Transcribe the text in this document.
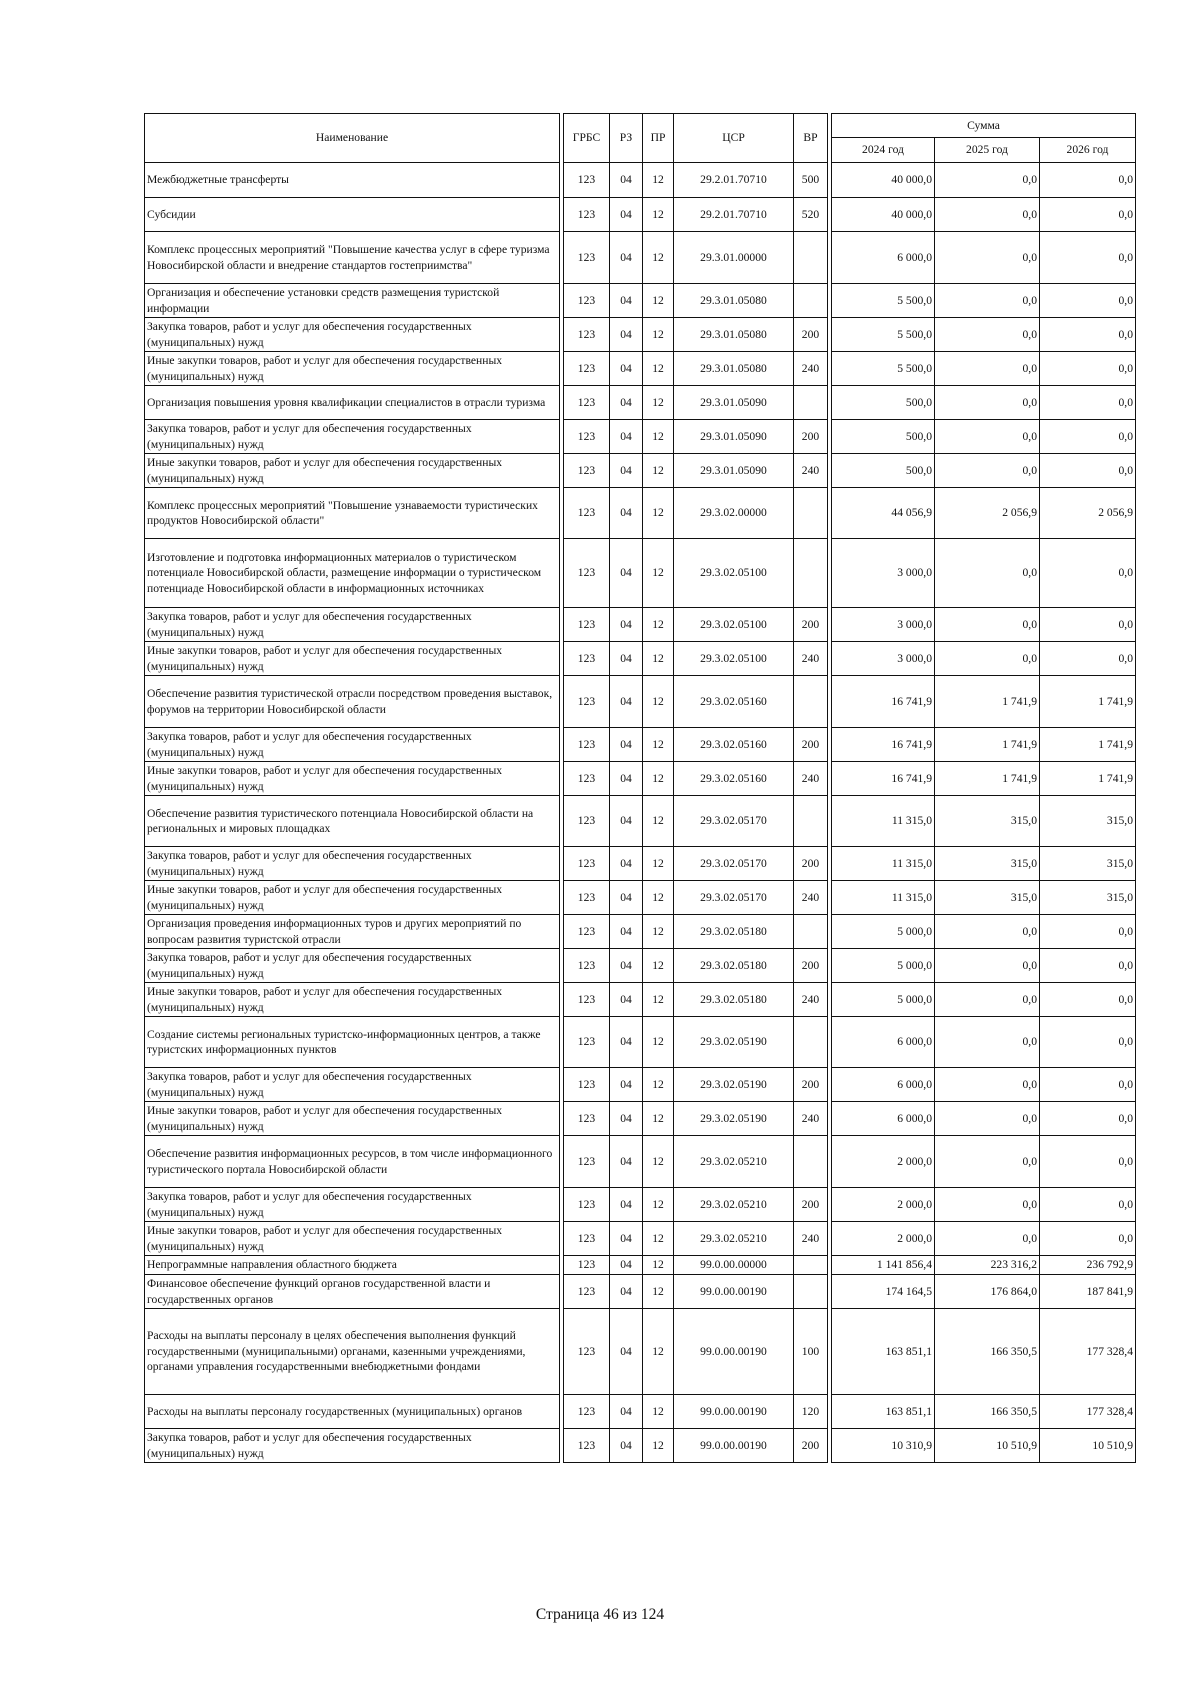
Наименование		ГРБС	РЗ	ПР	ЦСР	ВР		Сумма		
								2024 год	2025 год	2026 год
Межбюджетные трансферты		123	04	12	29.2.01.70710	500		40 000,0	0,0	0,0
Субсидии		123	04	12	29.2.01.70710	520		40 000,0	0,0	0,0
Комплекс процессных мероприятий "Повышение качества услуг в сфере туризма Новосибирской области и внедрение стандартов гостеприимства"		123	04	12	29.3.01.00000			6 000,0	0,0	0,0
Организация и обеспечение установки средств размещения туристской информации		123	04	12	29.3.01.05080			5 500,0	0,0	0,0
Закупка товаров, работ и услуг для обеспечения государственных (муниципальных) нужд		123	04	12	29.3.01.05080	200		5 500,0	0,0	0,0
Иные закупки товаров, работ и услуг для обеспечения государственных (муниципальных) нужд		123	04	12	29.3.01.05080	240		5 500,0	0,0	0,0
Организация повышения уровня квалификации специалистов в отрасли туризма		123	04	12	29.3.01.05090			500,0	0,0	0,0
Закупка товаров, работ и услуг для обеспечения государственных (муниципальных) нужд		123	04	12	29.3.01.05090	200		500,0	0,0	0,0
Иные закупки товаров, работ и услуг для обеспечения государственных (муниципальных) нужд		123	04	12	29.3.01.05090	240		500,0	0,0	0,0
Комплекс процессных мероприятий "Повышение узнаваемости туристических продуктов Новосибирской области"		123	04	12	29.3.02.00000			44 056,9	2 056,9	2 056,9
Изготовление и подготовка информационных материалов о туристическом потенциале Новосибирской области, размещение информации о туристическом потенциаде Новосибирской области в информационных источниках		123	04	12	29.3.02.05100			3 000,0	0,0	0,0
Закупка товаров, работ и услуг для обеспечения государственных (муниципальных) нужд		123	04	12	29.3.02.05100	200		3 000,0	0,0	0,0
Иные закупки товаров, работ и услуг для обеспечения государственных (муниципальных) нужд		123	04	12	29.3.02.05100	240		3 000,0	0,0	0,0
Обеспечение развития туристической отрасли посредством проведения выставок, форумов на территории Новосибирской области		123	04	12	29.3.02.05160			16 741,9	1 741,9	1 741,9
Закупка товаров, работ и услуг для обеспечения государственных (муниципальных) нужд		123	04	12	29.3.02.05160	200		16 741,9	1 741,9	1 741,9
Иные закупки товаров, работ и услуг для обеспечения государственных (муниципальных) нужд		123	04	12	29.3.02.05160	240		16 741,9	1 741,9	1 741,9
Обеспечение развития туристического потенциала Новосибирской области на региональных и мировых площадках		123	04	12	29.3.02.05170			11 315,0	315,0	315,0
Закупка товаров, работ и услуг для обеспечения государственных (муниципальных) нужд		123	04	12	29.3.02.05170	200		11 315,0	315,0	315,0
Иные закупки товаров, работ и услуг для обеспечения государственных (муниципальных) нужд		123	04	12	29.3.02.05170	240		11 315,0	315,0	315,0
Организация проведения информационных туров и других мероприятий по вопросам развития туристской отрасли		123	04	12	29.3.02.05180			5 000,0	0,0	0,0
Закупка товаров, работ и услуг для обеспечения государственных (муниципальных) нужд		123	04	12	29.3.02.05180	200		5 000,0	0,0	0,0
Иные закупки товаров, работ и услуг для обеспечения государственных (муниципальных) нужд		123	04	12	29.3.02.05180	240		5 000,0	0,0	0,0
Создание системы региональных туристско-информационных центров, а также туристских информационных пунктов		123	04	12	29.3.02.05190			6 000,0	0,0	0,0
Закупка товаров, работ и услуг для обеспечения государственных (муниципальных) нужд		123	04	12	29.3.02.05190	200		6 000,0	0,0	0,0
Иные закупки товаров, работ и услуг для обеспечения государственных (муниципальных) нужд		123	04	12	29.3.02.05190	240		6 000,0	0,0	0,0
Обеспечение развития информационных ресурсов, в том числе информационного туристического портала Новосибирской области		123	04	12	29.3.02.05210			2 000,0	0,0	0,0
Закупка товаров, работ и услуг для обеспечения государственных (муниципальных) нужд		123	04	12	29.3.02.05210	200		2 000,0	0,0	0,0
Иные закупки товаров, работ и услуг для обеспечения государственных (муниципальных) нужд		123	04	12	29.3.02.05210	240		2 000,0	0,0	0,0
Непрограммные направления областного бюджета		123	04	12	99.0.00.00000			1 141 856,4	223 316,2	236 792,9
Финансовое обеспечение функций органов государственной власти и государственных органов		123	04	12	99.0.00.00190			174 164,5	176 864,0	187 841,9
Расходы на выплаты персоналу в целях обеспечения выполнения функций государственными (муниципальными) органами, казенными учреждениями, органами управления государственными внебюджетными фондами		123	04	12	99.0.00.00190	100		163 851,1	166 350,5	177 328,4
Расходы на выплаты персоналу государственных (муниципальных) органов		123	04	12	99.0.00.00190	120		163 851,1	166 350,5	177 328,4
Закупка товаров, работ и услуг для обеспечения государственных (муниципальных) нужд		123	04	12	99.0.00.00190	200		10 310,9	10 510,9	10 510,9
Страница 46 из 124
